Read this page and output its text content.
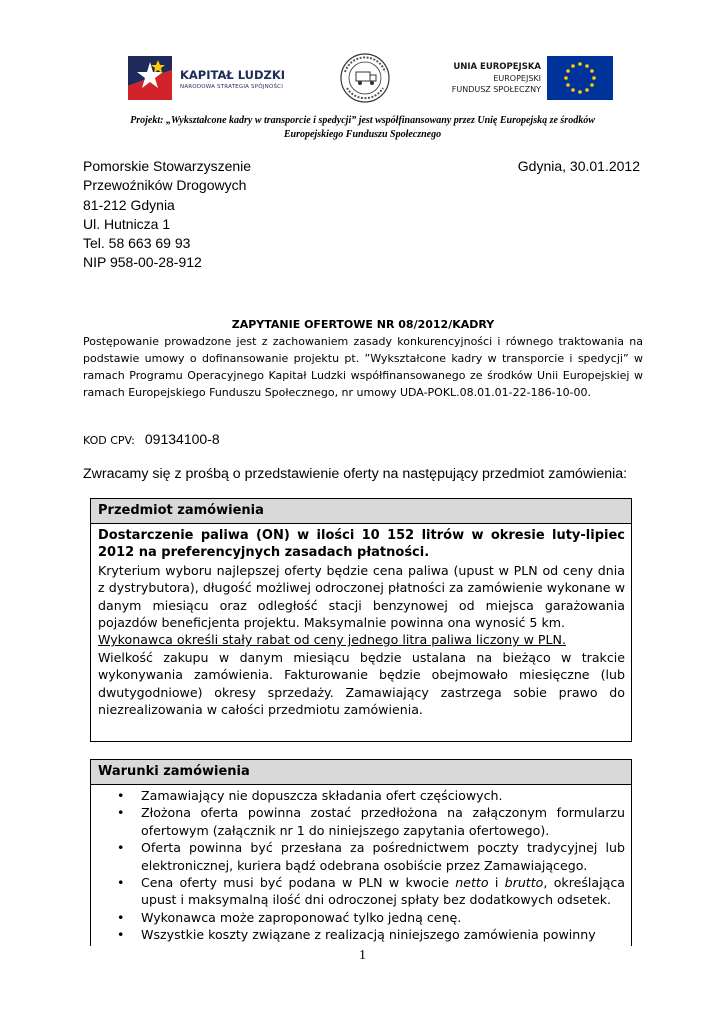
KAPITAŁ LUDZKI
NARODOWA STRATEGIA SPÓJNOŚCI
UNIA EUROPEJSKA
EUROPEJSKI
FUNDUSZ SPOŁECZNY
Projekt: „Wykształcone kadry w transporcie i spedycji” jest współfinansowany przez Unię Europejską ze środków
Europejskiego Funduszu Społecznego
Pomorskie Stowarzyszenie
Przewoźników Drogowych
81-212 Gdynia
Ul. Hutnicza 1
Tel. 58 663 69 93
NIP 958-00-28-912
Gdynia, 30.01.2012
ZAPYTANIE OFERTOWE NR 08/2012/KADRY
Postępowanie prowadzone jest z zachowaniem zasady konkurencyjności i równego traktowania na podstawie umowy o dofinansowanie projektu pt. ”Wykształcone kadry w transporcie i spedycji” w ramach Programu Operacyjnego Kapitał Ludzki współfinansowanego ze środków Unii Europejskiej w ramach Europejskiego Funduszu Społecznego, nr umowy UDA-POKL.08.01.01-22-186-10-00.
KOD CPV: 09134100-8
Zwracamy się z prośbą o przedstawienie oferty na następujący przedmiot zamówienia:
Przedmiot zamówienia
Dostarczenie paliwa (ON) w ilości 10 152 litrów w okresie luty-lipiec 2012 na preferencyjnych zasadach płatności.
Kryterium wyboru najlepszej oferty będzie cena paliwa (upust w PLN od ceny dnia z dystrybutora), długość możliwej odroczonej płatności za zamówienie wykonane w danym miesiącu oraz odległość stacji benzynowej od miejsca garażowania pojazdów beneficjenta projektu. Maksymalnie powinna ona wynosić 5 km.
Wykonawca określi stały rabat od ceny jednego litra paliwa liczony w PLN.
Wielkość zakupu w danym miesiącu będzie ustalana na bieżąco w trakcie wykonywania zamówienia. Fakturowanie będzie obejmowało miesięczne (lub dwutygodniowe) okresy sprzedaży. Zamawiający zastrzega sobie prawo do niezrealizowania w całości przedmiotu zamówienia.
Warunki zamówienia
• Zamawiający nie dopuszcza składania ofert częściowych.
• Złożona oferta powinna zostać przedłożona na załączonym formularzu ofertowym (załącznik nr 1 do niniejszego zapytania ofertowego).
• Oferta powinna być przesłana za pośrednictwem poczty tradycyjnej lub elektronicznej, kuriera bądź odebrana osobiście przez Zamawiającego.
• Cena oferty musi być podana w PLN w kwocie netto i brutto, określająca upust i maksymalną ilość dni odroczonej spłaty bez dodatkowych odsetek.
• Wykonawca może zaproponować tylko jedną cenę.
• Wszystkie koszty związane z realizacją niniejszego zamówienia powinny
1
